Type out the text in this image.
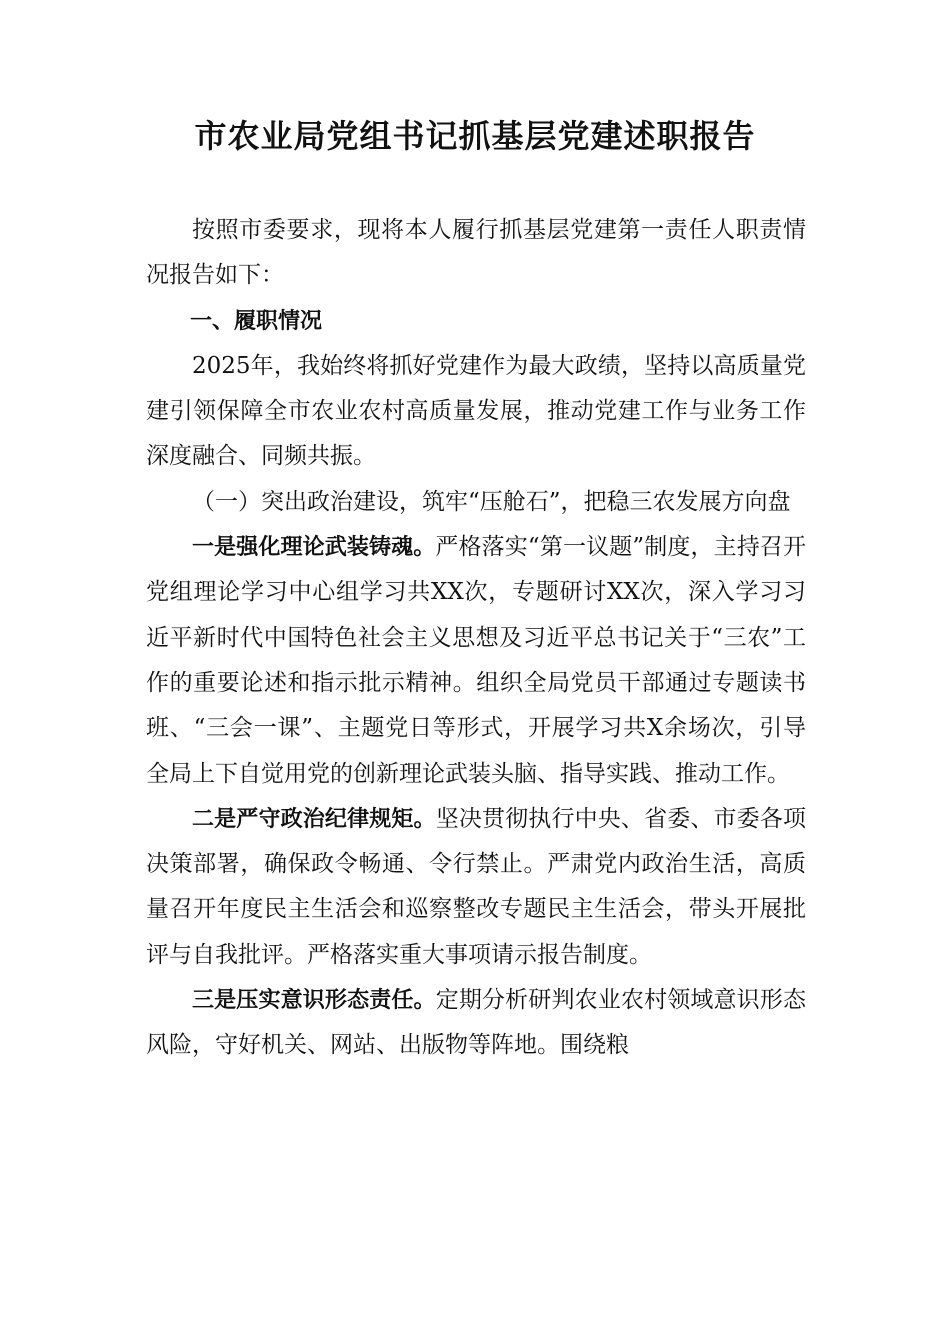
市农业局党组书记抓基层党建述职报告

按照市委要求，现将本人履行抓基层党建第一责任人职责情况报告如下：

一、履职情况

2025年，我始终将抓好党建作为最大政绩，坚持以高质量党建引领保障全市农业农村高质量发展，推动党建工作与业务工作深度融合、同频共振。

（一）突出政治建设，筑牢“压舱石”，把稳三农发展方向盘

一是强化理论武装铸魂。严格落实“第一议题”制度，主持召开党组理论学习中心组学习共XX次，专题研讨XX次，深入学习习近平新时代中国特色社会主义思想及习近平总书记关于“三农”工作的重要论述和指示批示精神。组织全局党员干部通过专题读书班、“三会一课”、主题党日等形式，开展学习共X余场次，引导全局上下自觉用党的创新理论武装头脑、指导实践、推动工作。

二是严守政治纪律规矩。坚决贯彻执行中央、省委、市委各项决策部署，确保政令畅通、令行禁止。严肃党内政治生活，高质量召开年度民主生活会和巡察整改专题民主生活会，带头开展批评与自我批评。严格落实重大事项请示报告制度。

三是压实意识形态责任。定期分析研判农业农村领域意识形态风险，守好机关、网站、出版物等阵地。围绕粮
